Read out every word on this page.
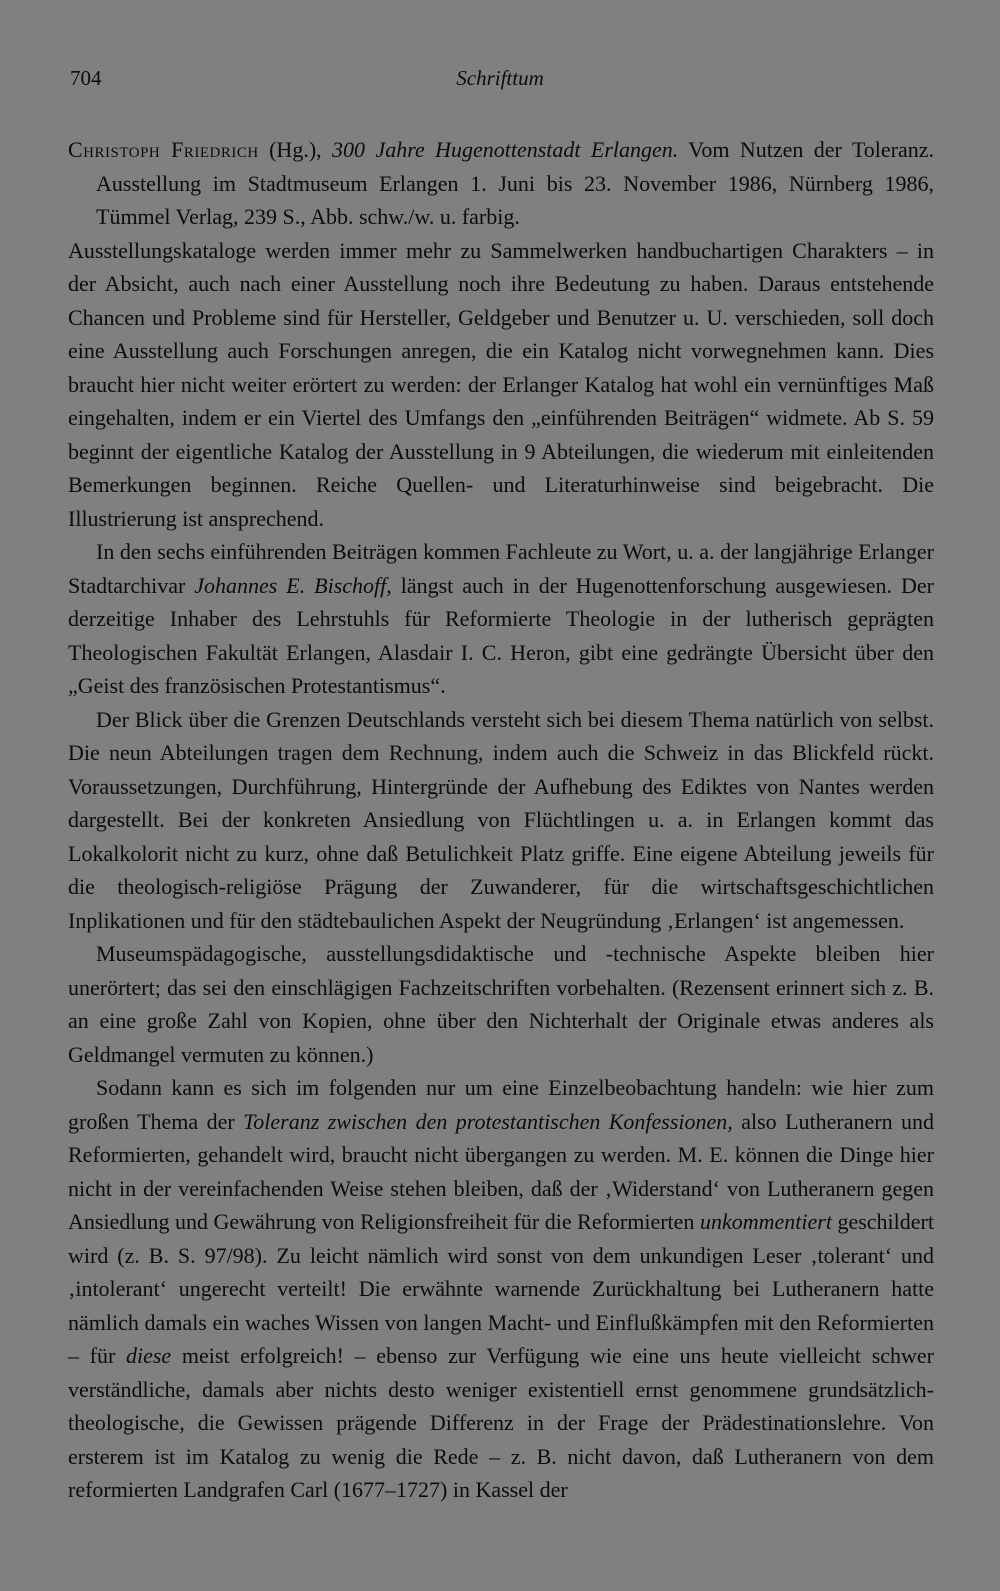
704	Schrifttum

Christoph Friedrich (Hg.), 300 Jahre Hugenottenstadt Erlangen. Vom Nutzen der Toleranz. Ausstellung im Stadtmuseum Erlangen 1. Juni bis 23. November 1986, Nürnberg 1986, Tümmel Verlag, 239 S., Abb. schw./w. u. farbig.

Ausstellungskataloge werden immer mehr zu Sammelwerken handbuchartigen Charakters – in der Absicht, auch nach einer Ausstellung noch ihre Bedeutung zu haben. Daraus entstehende Chancen und Probleme sind für Hersteller, Geldgeber und Benutzer u. U. verschieden, soll doch eine Ausstellung auch Forschungen anregen, die ein Katalog nicht vorwegnehmen kann. Dies braucht hier nicht weiter erörtert zu werden: der Erlanger Katalog hat wohl ein vernünftiges Maß eingehalten, indem er ein Viertel des Umfangs den „einführenden Beiträgen“ widmete. Ab S. 59 beginnt der eigentliche Katalog der Ausstellung in 9 Abteilungen, die wiederum mit einleitenden Bemerkungen beginnen. Reiche Quellen- und Literaturhinweise sind beigebracht. Die Illustrierung ist ansprechend.

In den sechs einführenden Beiträgen kommen Fachleute zu Wort, u. a. der langjährige Erlanger Stadtarchivar Johannes E. Bischoff, längst auch in der Hugenottenforschung ausgewiesen. Der derzeitige Inhaber des Lehrstuhls für Reformierte Theologie in der lutherisch geprägten Theologischen Fakultät Erlangen, Alasdair I. C. Heron, gibt eine gedrängte Übersicht über den „Geist des französischen Protestantismus“.

Der Blick über die Grenzen Deutschlands versteht sich bei diesem Thema natürlich von selbst. Die neun Abteilungen tragen dem Rechnung, indem auch die Schweiz in das Blickfeld rückt. Voraussetzungen, Durchführung, Hintergründe der Aufhebung des Ediktes von Nantes werden dargestellt. Bei der konkreten Ansiedlung von Flüchtlingen u. a. in Erlangen kommt das Lokalkolorit nicht zu kurz, ohne daß Betulichkeit Platz griffe. Eine eigene Abteilung jeweils für die theologisch-religiöse Prägung der Zuwanderer, für die wirtschaftsgeschichtlichen Inplikationen und für den städtebaulichen Aspekt der Neugründung ‚Erlangen‘ ist angemessen.

Museumspädagogische, ausstellungsdidaktische und -technische Aspekte bleiben hier unerörtert; das sei den einschlägigen Fachzeitschriften vorbehalten. (Rezensent erinnert sich z. B. an eine große Zahl von Kopien, ohne über den Nichterhalt der Originale etwas anderes als Geldmangel vermuten zu können.)

Sodann kann es sich im folgenden nur um eine Einzelbeobachtung handeln: wie hier zum großen Thema der Toleranz zwischen den protestantischen Konfessionen, also Lutheranern und Reformierten, gehandelt wird, braucht nicht übergangen zu werden. M. E. können die Dinge hier nicht in der vereinfachenden Weise stehen bleiben, daß der ‚Widerstand‘ von Lutheranern gegen Ansiedlung und Gewährung von Religionsfreiheit für die Reformierten unkommentiert geschildert wird (z. B. S. 97/98). Zu leicht nämlich wird sonst von dem unkundigen Leser ‚tolerant‘ und ‚intolerant‘ ungerecht verteilt! Die erwähnte warnende Zurückhaltung bei Lutheranern hatte nämlich damals ein waches Wissen von langen Macht- und Einflußkämpfen mit den Reformierten – für diese meist erfolgreich! – ebenso zur Verfügung wie eine uns heute vielleicht schwer verständliche, damals aber nichts desto weniger existentiell ernst genommene grundsätzlich-theologische, die Gewissen prägende Differenz in der Frage der Prädestinationslehre. Von ersterem ist im Katalog zu wenig die Rede – z. B. nicht davon, daß Lutheranern von dem reformierten Landgrafen Carl (1677–1727) in Kassel der
